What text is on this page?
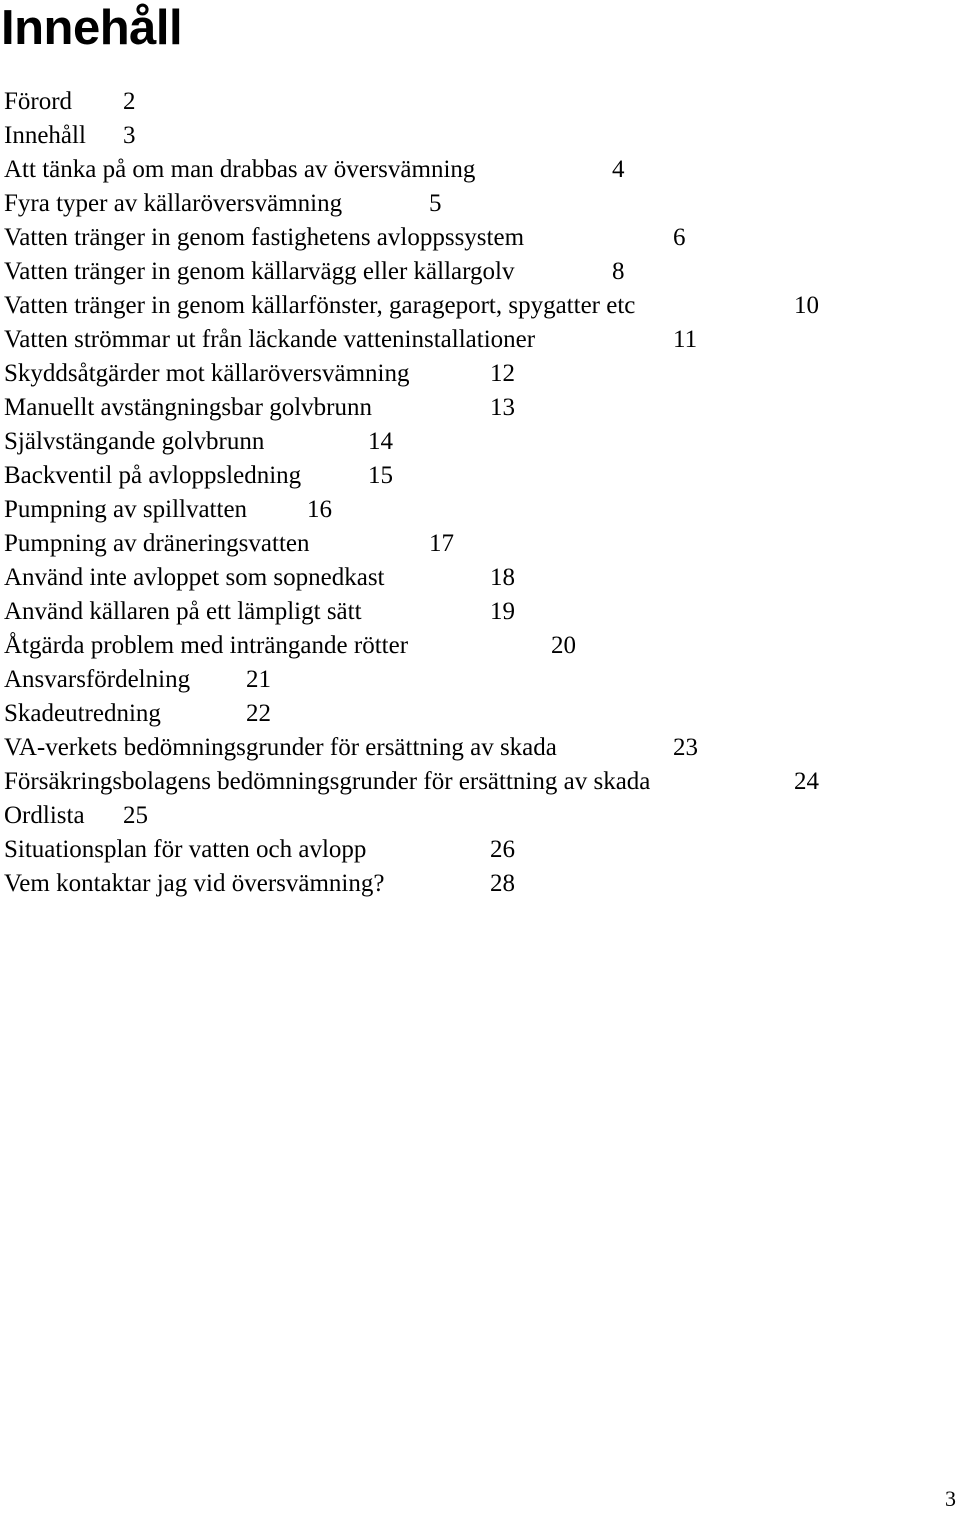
Innehåll
Förord 2
Innehåll 3
Att tänka på om man drabbas av översvämning	4
Fyra typer av källaröversvämning	5
Vatten tränger in genom fastighetens avloppssystem	6
Vatten tränger in genom källarvägg eller källargolv	8
Vatten tränger in genom källarfönster, garageport, spygatter etc	10
Vatten strömmar ut från läckande vatteninstallationer	11
Skyddsåtgärder mot källaröversvämning	12
Manuellt avstängningsbar golvbrunn	13
Självstängande golvbrunn	14
Backventil på avloppsledning	15
Pumpning av spillvatten 16
Pumpning av dräneringsvatten	17
Använd inte avloppet som sopnedkast	18
Använd källaren på ett lämpligt sätt	19
Åtgärda problem med inträngande rötter	20
Ansvarsfördelning 21
Skadeutredning	22
VA-verkets bedömningsgrunder för ersättning av skada	23
Försäkringsbolagens bedömningsgrunder för ersättning av skada	24
Ordlista 25
Situationsplan för vatten och avlopp	26
Vem kontaktar jag vid översvämning?	28
3
